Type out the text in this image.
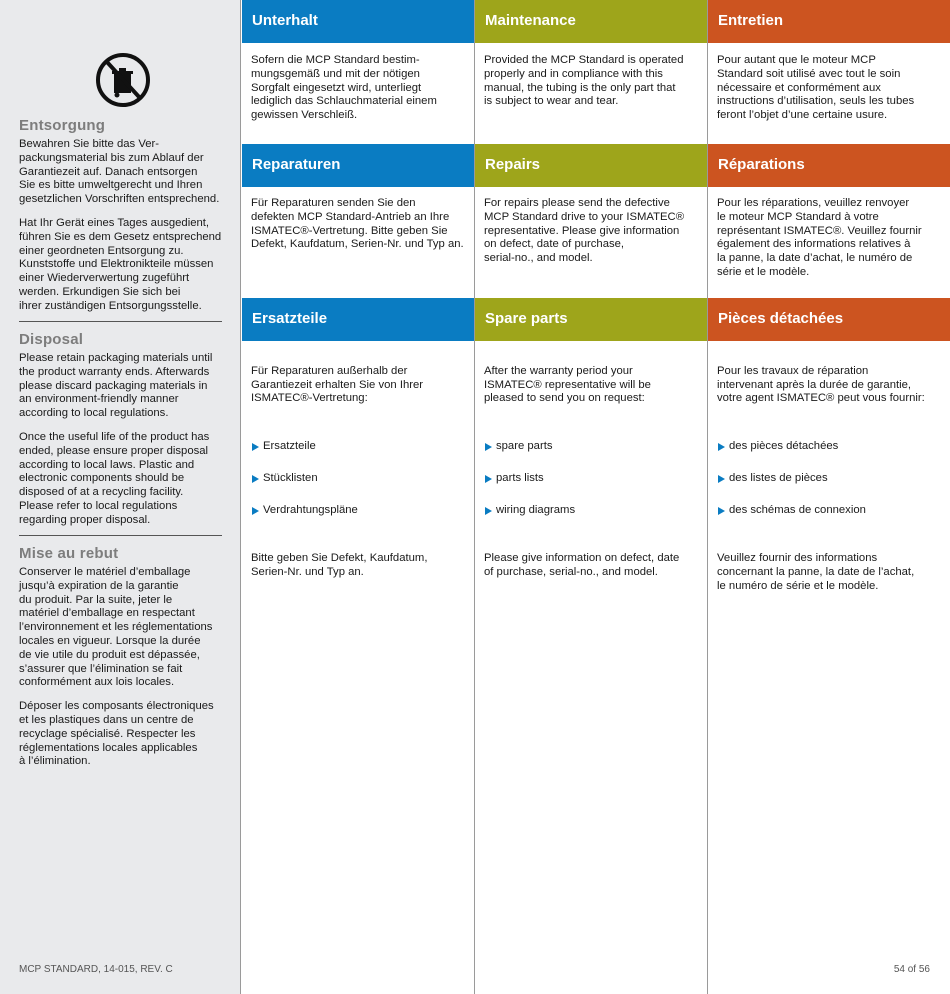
Entsorgung

Bewahren Sie bitte das Ver-
packungsmaterial bis zum Ablauf der
Garantiezeit auf. Danach entsorgen
Sie es bitte umweltgerecht und Ihren
gesetzlichen Vorschriften entsprechend.

Hat Ihr Gerät eines Tages ausgedient,
führen Sie es dem Gesetz entsprechend
einer geordneten Entsorgung zu.
Kunststoffe und Elektronikteile müssen
einer Wiederverwertung zugeführt
werden. Erkundigen Sie sich bei
ihrer zuständigen Entsorgungsstelle.

Disposal

Please retain packaging materials until
the product warranty ends. Afterwards
please discard packaging materials in
an environment-friendly manner
according to local regulations.

Once the useful life of the product has
ended, please ensure proper disposal
according to local laws. Plastic and
electronic components should be
disposed of at a recycling facility.
Please refer to local regulations
regarding proper disposal.

Mise au rebut

Conserver le matériel d’emballage
jusqu’à expiration de la garantie
du produit. Par la suite, jeter le
matériel d’emballage en respectant
l’environnement et les réglementations
locales en vigueur. Lorsque la durée
de vie utile du produit est dépassée,
s’assurer que l’élimination se fait
conformément aux lois locales.

Déposer les composants électroniques
et les plastiques dans un centre de
recyclage spécialisé. Respecter les
réglementations locales applicables
à l’élimination.

MCP STANDARD, 14-015, REV. C
Unterhalt
Sofern die MCP Standard bestim-
mungsgemäß und mit der nötigen
Sorgfalt eingesetzt wird, unterliegt
lediglich das Schlauchmaterial einem
gewissen Verschleiß.
Reparaturen
Für Reparaturen senden Sie den
defekten MCP Standard-Antrieb an Ihre
ISMATEC®-Vertretung. Bitte geben Sie
Defekt, Kaufdatum, Serien-Nr. und Typ an.
Ersatzteile

Für Reparaturen außerhalb der
Garantiezeit erhalten Sie von Ihrer
ISMATEC®-Vertretung:

Ersatzteile

Stücklisten

Verdrahtungspläne

Bitte geben Sie Defekt, Kaufdatum,
Serien-Nr. und Typ an.

Maintenance
Provided the MCP Standard is operated
properly and in compliance with this
manual, the tubing is the only part that
is subject to wear and tear.
Repairs
For repairs please send the defective
MCP Standard drive to your ISMATEC®
representative. Please give information
on defect, date of purchase,
serial-no., and model.
Spare parts

After the warranty period your
ISMATEC® representative will be
pleased to send you on request:

spare parts

parts lists

wiring diagrams

Please give information on defect, date
of purchase, serial-no., and model.

Entretien
Pour autant que le moteur MCP
Standard soit utilisé avec tout le soin
nécessaire et conformément aux
instructions d’utilisation, seuls les tubes
feront l’objet d’une certaine usure.
Réparations
Pour les réparations, veuillez renvoyer
le moteur MCP Standard à votre
représentant ISMATEC®. Veuillez fournir
également des informations relatives à
la panne, la date d’achat, le numéro de
série et le modèle.
Pièces détachées

Pour les travaux de réparation
intervenant après la durée de garantie,
votre agent ISMATEC® peut vous fournir:

des pièces détachées

des listes de pièces

des schémas de connexion

Veuillez fournir des informations
concernant la panne, la date de l’achat,
le numéro de série et le modèle.

54 of 56
